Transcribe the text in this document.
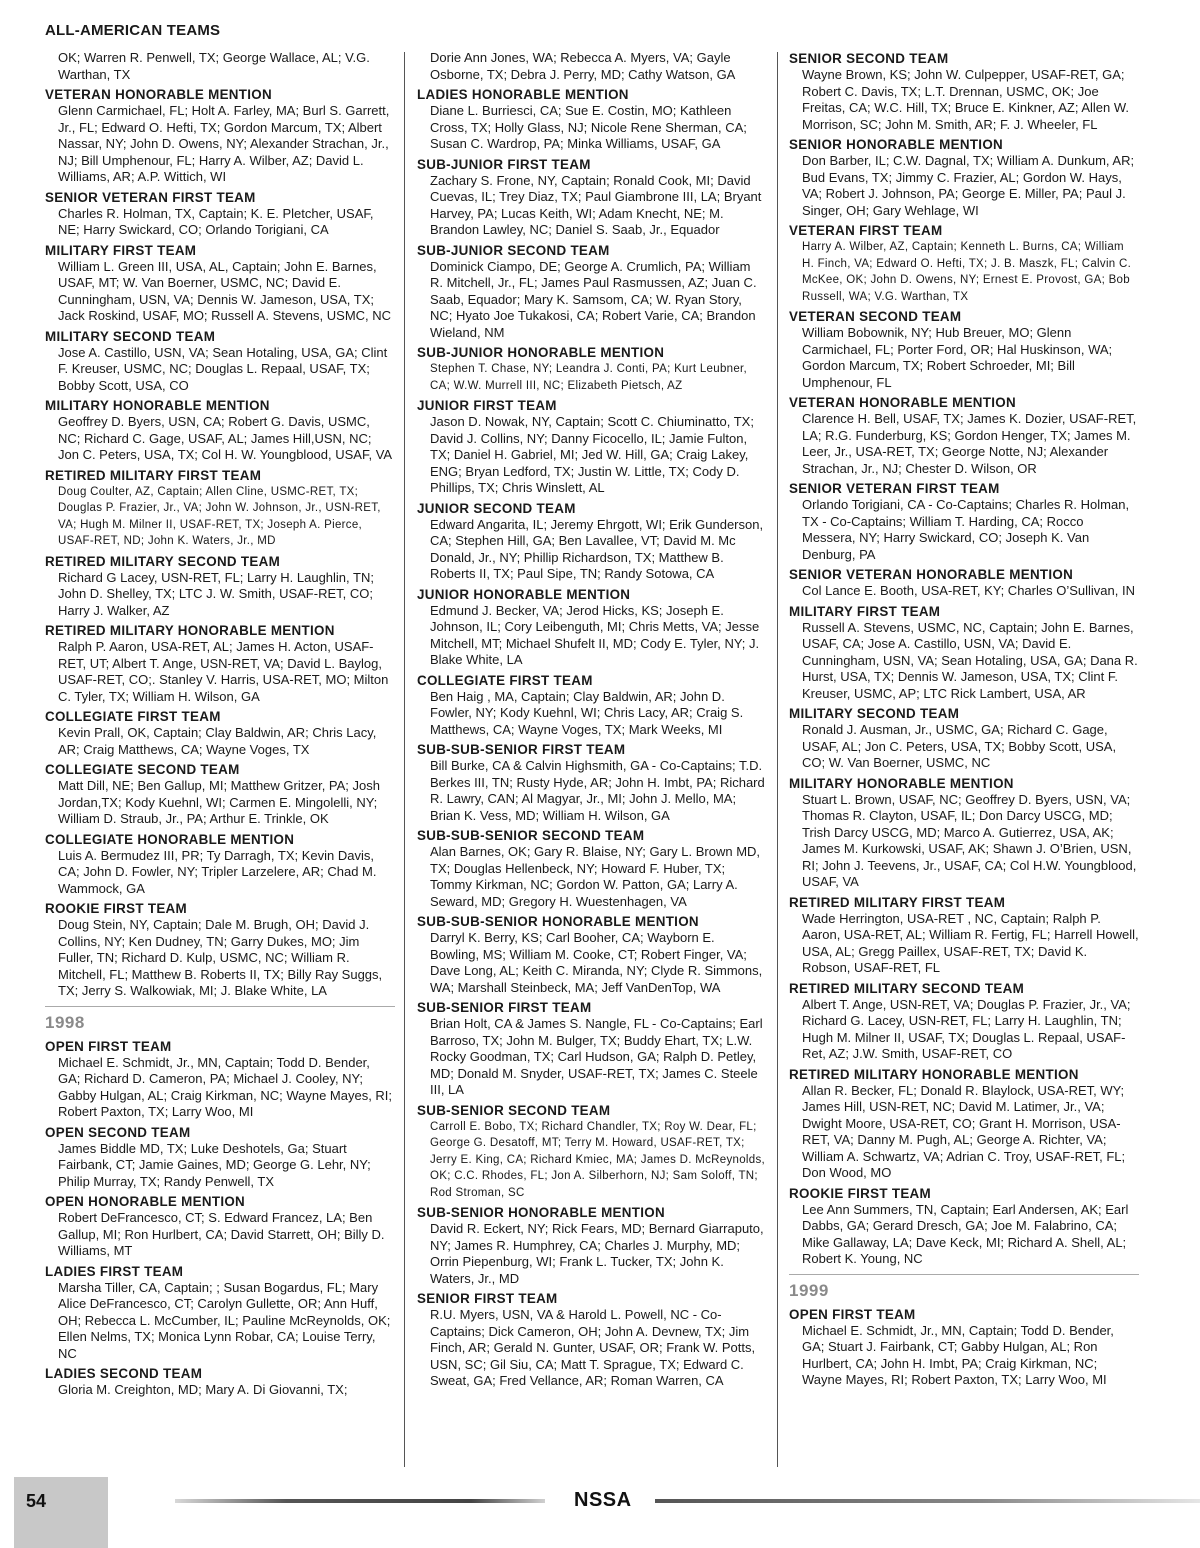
ALL-AMERICAN TEAMS
OK; Warren R. Penwell, TX; George Wallace, AL; V.G. Warthan, TX
VETERAN HONORABLE MENTION
Glenn Carmichael, FL; Holt A. Farley, MA; Burl S. Garrett, Jr., FL; Edward O. Hefti, TX; Gordon Marcum, TX; Albert Nassar, NY; John D. Owens, NY; Alexander Strachan, Jr., NJ; Bill Umphenour, FL; Harry A. Wilber, AZ; David L. Williams, AR; A.P. Wittich, WI
SENIOR VETERAN FIRST TEAM
Charles R. Holman, TX, Captain; K. E. Pletcher, USAF, NE; Harry Swickard, CO; Orlando Torigiani, CA
MILITARY FIRST TEAM
William L. Green III, USA, AL, Captain; John E. Barnes, USAF, MT; W. Van Boerner, USMC, NC; David E. Cunningham, USN, VA; Dennis W. Jameson, USA, TX; Jack Roskind, USAF, MO; Russell A. Stevens, USMC, NC
MILITARY SECOND TEAM
Jose A. Castillo, USN, VA; Sean Hotaling, USA, GA; Clint F. Kreuser, USMC, NC; Douglas L. Repaal, USAF, TX; Bobby Scott, USA, CO
MILITARY HONORABLE MENTION
Geoffrey D. Byers, USN, CA; Robert G. Davis, USMC, NC; Richard C. Gage, USAF, AL; James Hill,USN, NC; Jon C. Peters, USA, TX; Col H. W. Youngblood, USAF, VA
RETIRED MILITARY FIRST TEAM
Doug Coulter, AZ, Captain; Allen Cline, USMC-RET, TX; Douglas P. Frazier, Jr., VA; John W. Johnson, Jr., USN-RET, VA; Hugh M. Milner II, USAF-RET, TX; Joseph A. Pierce, USAF-RET, ND; John K. Waters, Jr., MD
RETIRED MILITARY SECOND TEAM
Richard G Lacey, USN-RET, FL; Larry H. Laughlin, TN; John D. Shelley, TX; LTC J. W. Smith, USAF-RET, CO; Harry J. Walker, AZ
RETIRED MILITARY HONORABLE MENTION
Ralph P. Aaron, USA-RET, AL; James H. Acton, USAF-RET, UT; Albert T. Ange, USN-RET, VA; David L. Baylog, USAF-RET, CO;. Stanley V. Harris, USA-RET, MO; Milton C. Tyler, TX; William H. Wilson, GA
COLLEGIATE FIRST TEAM
Kevin Prall, OK, Captain; Clay Baldwin, AR; Chris Lacy, AR; Craig Matthews, CA; Wayne Voges, TX
COLLEGIATE SECOND TEAM
Matt Dill, NE; Ben Gallup, MI; Matthew Gritzer, PA; Josh Jordan,TX; Kody Kuehnl, WI; Carmen E. Mingolelli, NY; William D. Straub, Jr., PA; Arthur E. Trinkle, OK
COLLEGIATE HONORABLE MENTION
Luis A. Bermudez III, PR; Ty Darragh, TX; Kevin Davis, CA; John D. Fowler, NY; Tripler Larzelere, AR; Chad M. Wammock, GA
ROOKIE FIRST TEAM
Doug Stein, NY, Captain; Dale M. Brugh, OH; David J. Collins, NY; Ken Dudney, TN; Garry Dukes, MO; Jim Fuller, TN; Richard D. Kulp, USMC, NC; William R. Mitchell, FL; Matthew B. Roberts II, TX; Billy Ray Suggs, TX; Jerry S. Walkowiak, MI; J. Blake White, LA
1998
OPEN FIRST TEAM
Michael E. Schmidt, Jr., MN, Captain; Todd D. Bender, GA; Richard D. Cameron, PA; Michael J. Cooley, NY; Gabby Hulgan, AL; Craig Kirkman, NC; Wayne Mayes, RI; Robert Paxton, TX; Larry Woo, MI
OPEN SECOND TEAM
James Biddle MD, TX; Luke Deshotels, Ga; Stuart Fairbank, CT; Jamie Gaines, MD; George G. Lehr, NY; Philip Murray, TX; Randy Penwell, TX
OPEN HONORABLE MENTION
Robert DeFrancesco, CT; S. Edward Francez, LA; Ben Gallup, MI; Ron Hurlbert, CA; David Starrett, OH; Billy D. Williams, MT
LADIES FIRST TEAM
Marsha Tiller, CA, Captain; ; Susan Bogardus, FL; Mary Alice DeFrancesco, CT; Carolyn Gullette, OR; Ann Huff, OH; Rebecca L. McCumber, IL; Pauline McReynolds, OK; Ellen Nelms, TX; Monica Lynn Robar, CA; Louise Terry, NC
LADIES SECOND TEAM
Gloria M. Creighton, MD; Mary A. Di Giovanni, TX;
Dorie Ann Jones, WA; Rebecca A. Myers, VA; Gayle Osborne, TX; Debra J. Perry, MD; Cathy Watson, GA
LADIES HONORABLE MENTION
Diane L. Burriesci, CA; Sue E. Costin, MO; Kathleen Cross, TX; Holly Glass, NJ; Nicole Rene Sherman, CA; Susan C. Wardrop, PA; Minka Williams, USAF, GA
SUB-JUNIOR FIRST TEAM
Zachary S. Frone, NY, Captain; Ronald Cook, MI; David Cuevas, IL; Trey Diaz, TX; Paul Giambrone III, LA; Bryant Harvey, PA; Lucas Keith, WI; Adam Knecht, NE; M. Brandon Lawley, NC; Daniel S. Saab, Jr., Equador
SUB-JUNIOR SECOND TEAM
Dominick Ciampo, DE; George A. Crumlich, PA; William R. Mitchell, Jr., FL; James Paul Rasmussen, AZ; Juan C. Saab, Equador; Mary K. Samsom, CA; W. Ryan Story, NC; Hyato Joe Tukakosi, CA; Robert Varie, CA; Brandon Wieland, NM
SUB-JUNIOR HONORABLE MENTION
Stephen T. Chase, NY; Leandra J. Conti, PA; Kurt Leubner, CA; W.W. Murrell III, NC; Elizabeth Pietsch, AZ
JUNIOR FIRST TEAM
Jason D. Nowak, NY, Captain; Scott C. Chiuminatto, TX; David J. Collins, NY; Danny Ficocello, IL; Jamie Fulton, TX; Daniel H. Gabriel, MI; Jed W. Hill, GA; Craig Lakey, ENG; Bryan Ledford, TX; Justin W. Little, TX; Cody D. Phillips, TX; Chris Winslett, AL
JUNIOR SECOND TEAM
Edward Angarita, IL; Jeremy Ehrgott, WI; Erik Gunderson, CA; Stephen Hill, GA; Ben Lavallee, VT; David M. Mc Donald, Jr., NY; Phillip Richardson, TX; Matthew B. Roberts II, TX; Paul Sipe, TN; Randy Sotowa, CA
JUNIOR HONORABLE MENTION
Edmund J. Becker, VA; Jerod Hicks, KS; Joseph E. Johnson, IL; Cory Leibenguth, MI; Chris Metts, VA; Jesse Mitchell, MT; Michael Shufelt II, MD; Cody E. Tyler, NY; J. Blake White, LA
COLLEGIATE FIRST TEAM
Ben Haig , MA, Captain; Clay Baldwin, AR; John D. Fowler, NY; Kody Kuehnl, WI; Chris Lacy, AR; Craig S. Matthews, CA; Wayne Voges, TX; Mark Weeks, MI
SUB-SUB-SENIOR FIRST TEAM
Bill Burke, CA & Calvin Highsmith, GA - Co-Captains; T.D. Berkes III, TN; Rusty Hyde, AR; John H. Imbt, PA; Richard R. Lawry, CAN; Al Magyar, Jr., MI; John J. Mello, MA; Brian K. Vess, MD; William H. Wilson, GA
SUB-SUB-SENIOR SECOND TEAM
Alan Barnes, OK; Gary R. Blaise, NY; Gary L. Brown MD, TX; Douglas Hellenbeck, NY; Howard F. Huber, TX; Tommy Kirkman, NC; Gordon W. Patton, GA; Larry A. Seward, MD; Gregory H. Wuestenhagen, VA
SUB-SUB-SENIOR HONORABLE MENTION
Darryl K. Berry, KS; Carl Booher, CA; Wayborn E. Bowling, MS; William M. Cooke, CT; Robert Finger, VA; Dave Long, AL; Keith C. Miranda, NY; Clyde R. Simmons, WA; Marshall Steinbeck, MA; Jeff VanDenTop, WA
SUB-SENIOR FIRST TEAM
Brian Holt, CA & James S. Nangle, FL - Co-Captains; Earl Barroso, TX; John M. Bulger, TX; Buddy Ehart, TX; L.W. Rocky Goodman, TX; Carl Hudson, GA; Ralph D. Petley, MD; Donald M. Snyder, USAF-RET, TX; James C. Steele III, LA
SUB-SENIOR SECOND TEAM
Carroll E. Bobo, TX; Richard Chandler, TX; Roy W. Dear, FL; George G. Desatoff, MT; Terry M. Howard, USAF-RET, TX; Jerry E. King, CA; Richard Kmiec, MA; James D. McReynolds, OK; C.C. Rhodes, FL; Jon A. Silberhorn, NJ; Sam Soloff, TN; Rod Stroman, SC
SUB-SENIOR HONORABLE MENTION
David R. Eckert, NY; Rick Fears, MD; Bernard Giarraputo, NY; James R. Humphrey, CA; Charles J. Murphy, MD; Orrin Piepenburg, WI; Frank L. Tucker, TX; John K. Waters, Jr., MD
SENIOR FIRST TEAM
R.U. Myers, USN, VA & Harold L. Powell, NC - Co-Captains; Dick Cameron, OH; John A. Devnew, TX; Jim Finch, AR; Gerald N. Gunter, USAF, OR; Frank W. Potts, USN, SC; Gil Siu, CA; Matt T. Sprague, TX; Edward C. Sweat, GA; Fred Vellance, AR; Roman Warren, CA
SENIOR SECOND TEAM
Wayne Brown, KS; John W. Culpepper, USAF-RET, GA; Robert C. Davis, TX; L.T. Drennan, USMC, OK; Joe Freitas, CA; W.C. Hill, TX; Bruce E. Kinkner, AZ; Allen W. Morrison, SC; John M. Smith, AR; F. J. Wheeler, FL
SENIOR HONORABLE MENTION
Don Barber, IL; C.W. Dagnal, TX; William A. Dunkum, AR; Bud Evans, TX; Jimmy C. Frazier, AL; Gordon W. Hays, VA; Robert J. Johnson, PA; George E. Miller, PA; Paul J. Singer, OH; Gary Wehlage, WI
VETERAN FIRST TEAM
Harry A. Wilber, AZ, Captain; Kenneth L. Burns, CA; William H. Finch, VA; Edward O. Hefti, TX; J. B. Maszk, FL; Calvin C. McKee, OK; John D. Owens, NY; Ernest E. Provost, GA; Bob Russell, WA; V.G. Warthan, TX
VETERAN SECOND TEAM
William Bobownik, NY; Hub Breuer, MO; Glenn Carmichael, FL; Porter Ford, OR; Hal Huskinson, WA; Gordon Marcum, TX; Robert Schroeder, MI; Bill Umphenour, FL
VETERAN HONORABLE MENTION
Clarence H. Bell, USAF, TX; James K. Dozier, USAF-RET, LA; R.G. Funderburg, KS; Gordon Henger, TX; James M. Leer, Jr., USA-RET, TX; George Notte, NJ; Alexander Strachan, Jr., NJ; Chester D. Wilson, OR
SENIOR VETERAN FIRST TEAM
Orlando Torigiani, CA - Co-Captains; Charles R. Holman, TX - Co-Captains; William T. Harding, CA; Rocco Messera, NY; Harry Swickard, CO; Joseph K. Van Denburg, PA
SENIOR VETERAN HONORABLE MENTION
Col Lance E. Booth, USA-RET, KY; Charles O’Sullivan, IN
MILITARY FIRST TEAM
Russell A. Stevens, USMC, NC, Captain; John E. Barnes, USAF, CA; Jose A. Castillo, USN, VA; David E. Cunningham, USN, VA; Sean Hotaling, USA, GA; Dana R. Hurst, USA, TX; Dennis W. Jameson, USA, TX; Clint F. Kreuser, USMC, AP; LTC Rick Lambert, USA, AR
MILITARY SECOND TEAM
Ronald J. Ausman, Jr., USMC, GA; Richard C. Gage, USAF, AL; Jon C. Peters, USA, TX; Bobby Scott, USA, CO; W. Van Boerner, USMC, NC
MILITARY HONORABLE MENTION
Stuart L. Brown, USAF, NC; Geoffrey D. Byers, USN, VA; Thomas R. Clayton, USAF, IL; Don Darcy USCG, MD; Trish Darcy USCG, MD; Marco A. Gutierrez, USA, AK; James M. Kurkowski, USAF, AK; Shawn J. O’Brien, USN, RI; John J. Teevens, Jr., USAF, CA; Col H.W. Youngblood, USAF, VA
RETIRED MILITARY FIRST TEAM
Wade Herrington, USA-RET , NC, Captain; Ralph P. Aaron, USA-RET, AL; William R. Fertig, FL; Harrell Howell, USA, AL; Gregg Paillex, USAF-RET, TX; David K. Robson, USAF-RET, FL
RETIRED MILITARY SECOND TEAM
Albert T. Ange, USN-RET, VA; Douglas P. Frazier, Jr., VA; Richard G. Lacey, USN-RET, FL; Larry H. Laughlin, TN; Hugh M. Milner II, USAF, TX; Douglas L. Repaal, USAF- Ret, AZ; J.W. Smith, USAF-RET, CO
RETIRED MILITARY HONORABLE MENTION
Allan R. Becker, FL; Donald R. Blaylock, USA-RET, WY; James Hill, USN-RET, NC; David M. Latimer, Jr., VA; Dwight Moore, USA-RET, CO; Grant H. Morrison, USA-RET, VA; Danny M. Pugh, AL; George A. Richter, VA; William A. Schwartz, VA; Adrian C. Troy, USAF-RET, FL; Don Wood, MO
ROOKIE FIRST TEAM
Lee Ann Summers, TN, Captain; Earl Andersen, AK; Earl Dabbs, GA; Gerard Dresch, GA; Joe M. Falabrino, CA; Mike Gallaway, LA; Dave Keck, MI; Richard A. Shell, AL; Robert K. Young, NC
1999
OPEN FIRST TEAM
Michael E. Schmidt, Jr., MN, Captain; Todd D. Bender, GA; Stuart J. Fairbank, CT; Gabby Hulgan, AL; Ron Hurlbert, CA; John H. Imbt, PA; Craig Kirkman, NC; Wayne Mayes, RI; Robert Paxton, TX; Larry Woo, MI
54	NSSA
